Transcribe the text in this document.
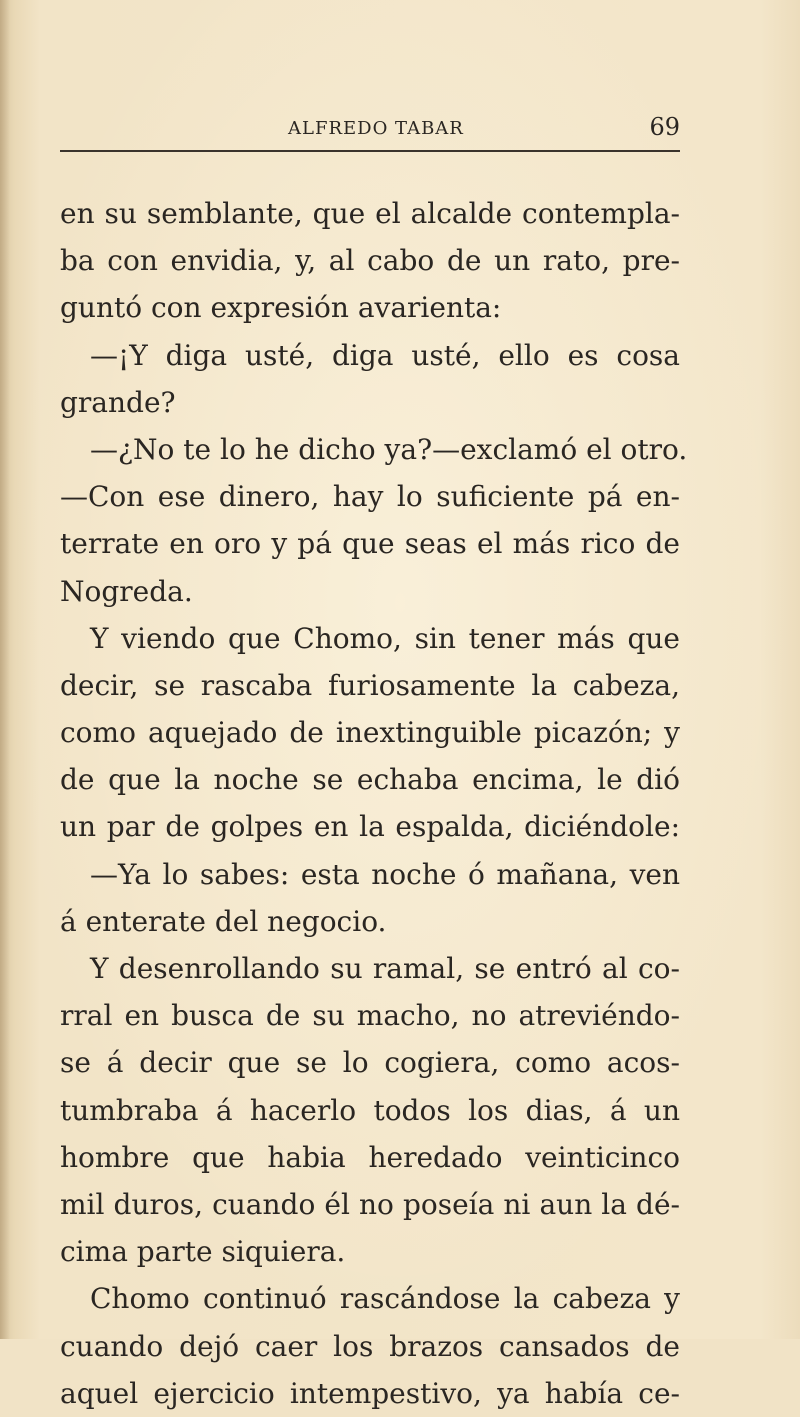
ALFREDO TABAR	69
en su semblante, que el alcalde contempla-
ba con envidia, y, al cabo de un rato, pre-
guntó con expresión avarienta:
—¡Y diga usté, diga usté, ello es cosa
grande?
—¿No te lo he dicho ya?—exclamó el otro.
—Con ese dinero, hay lo suficiente pá en-
terrate en oro y pá que seas el más rico de
Nogreda.
Y viendo que Chomo, sin tener más que
decir, se rascaba furiosamente la cabeza,
como aquejado de inextinguible picazón; y
de que la noche se echaba encima, le dió
un par de golpes en la espalda, diciéndole:
—Ya lo sabes: esta noche ó mañana, ven
á enterate del negocio.
Y desenrollando su ramal, se entró al co-
rral en busca de su macho, no atreviéndo-
se á decir que se lo cogiera, como acos-
tumbraba á hacerlo todos los dias, á un
hombre que habia heredado veinticinco
mil duros, cuando él no poseía ni aun la dé-
cima parte siquiera.
Chomo continuó rascándose la cabeza y
cuando dejó caer los brazos cansados de
aquel ejercicio intempestivo, ya había ce-
